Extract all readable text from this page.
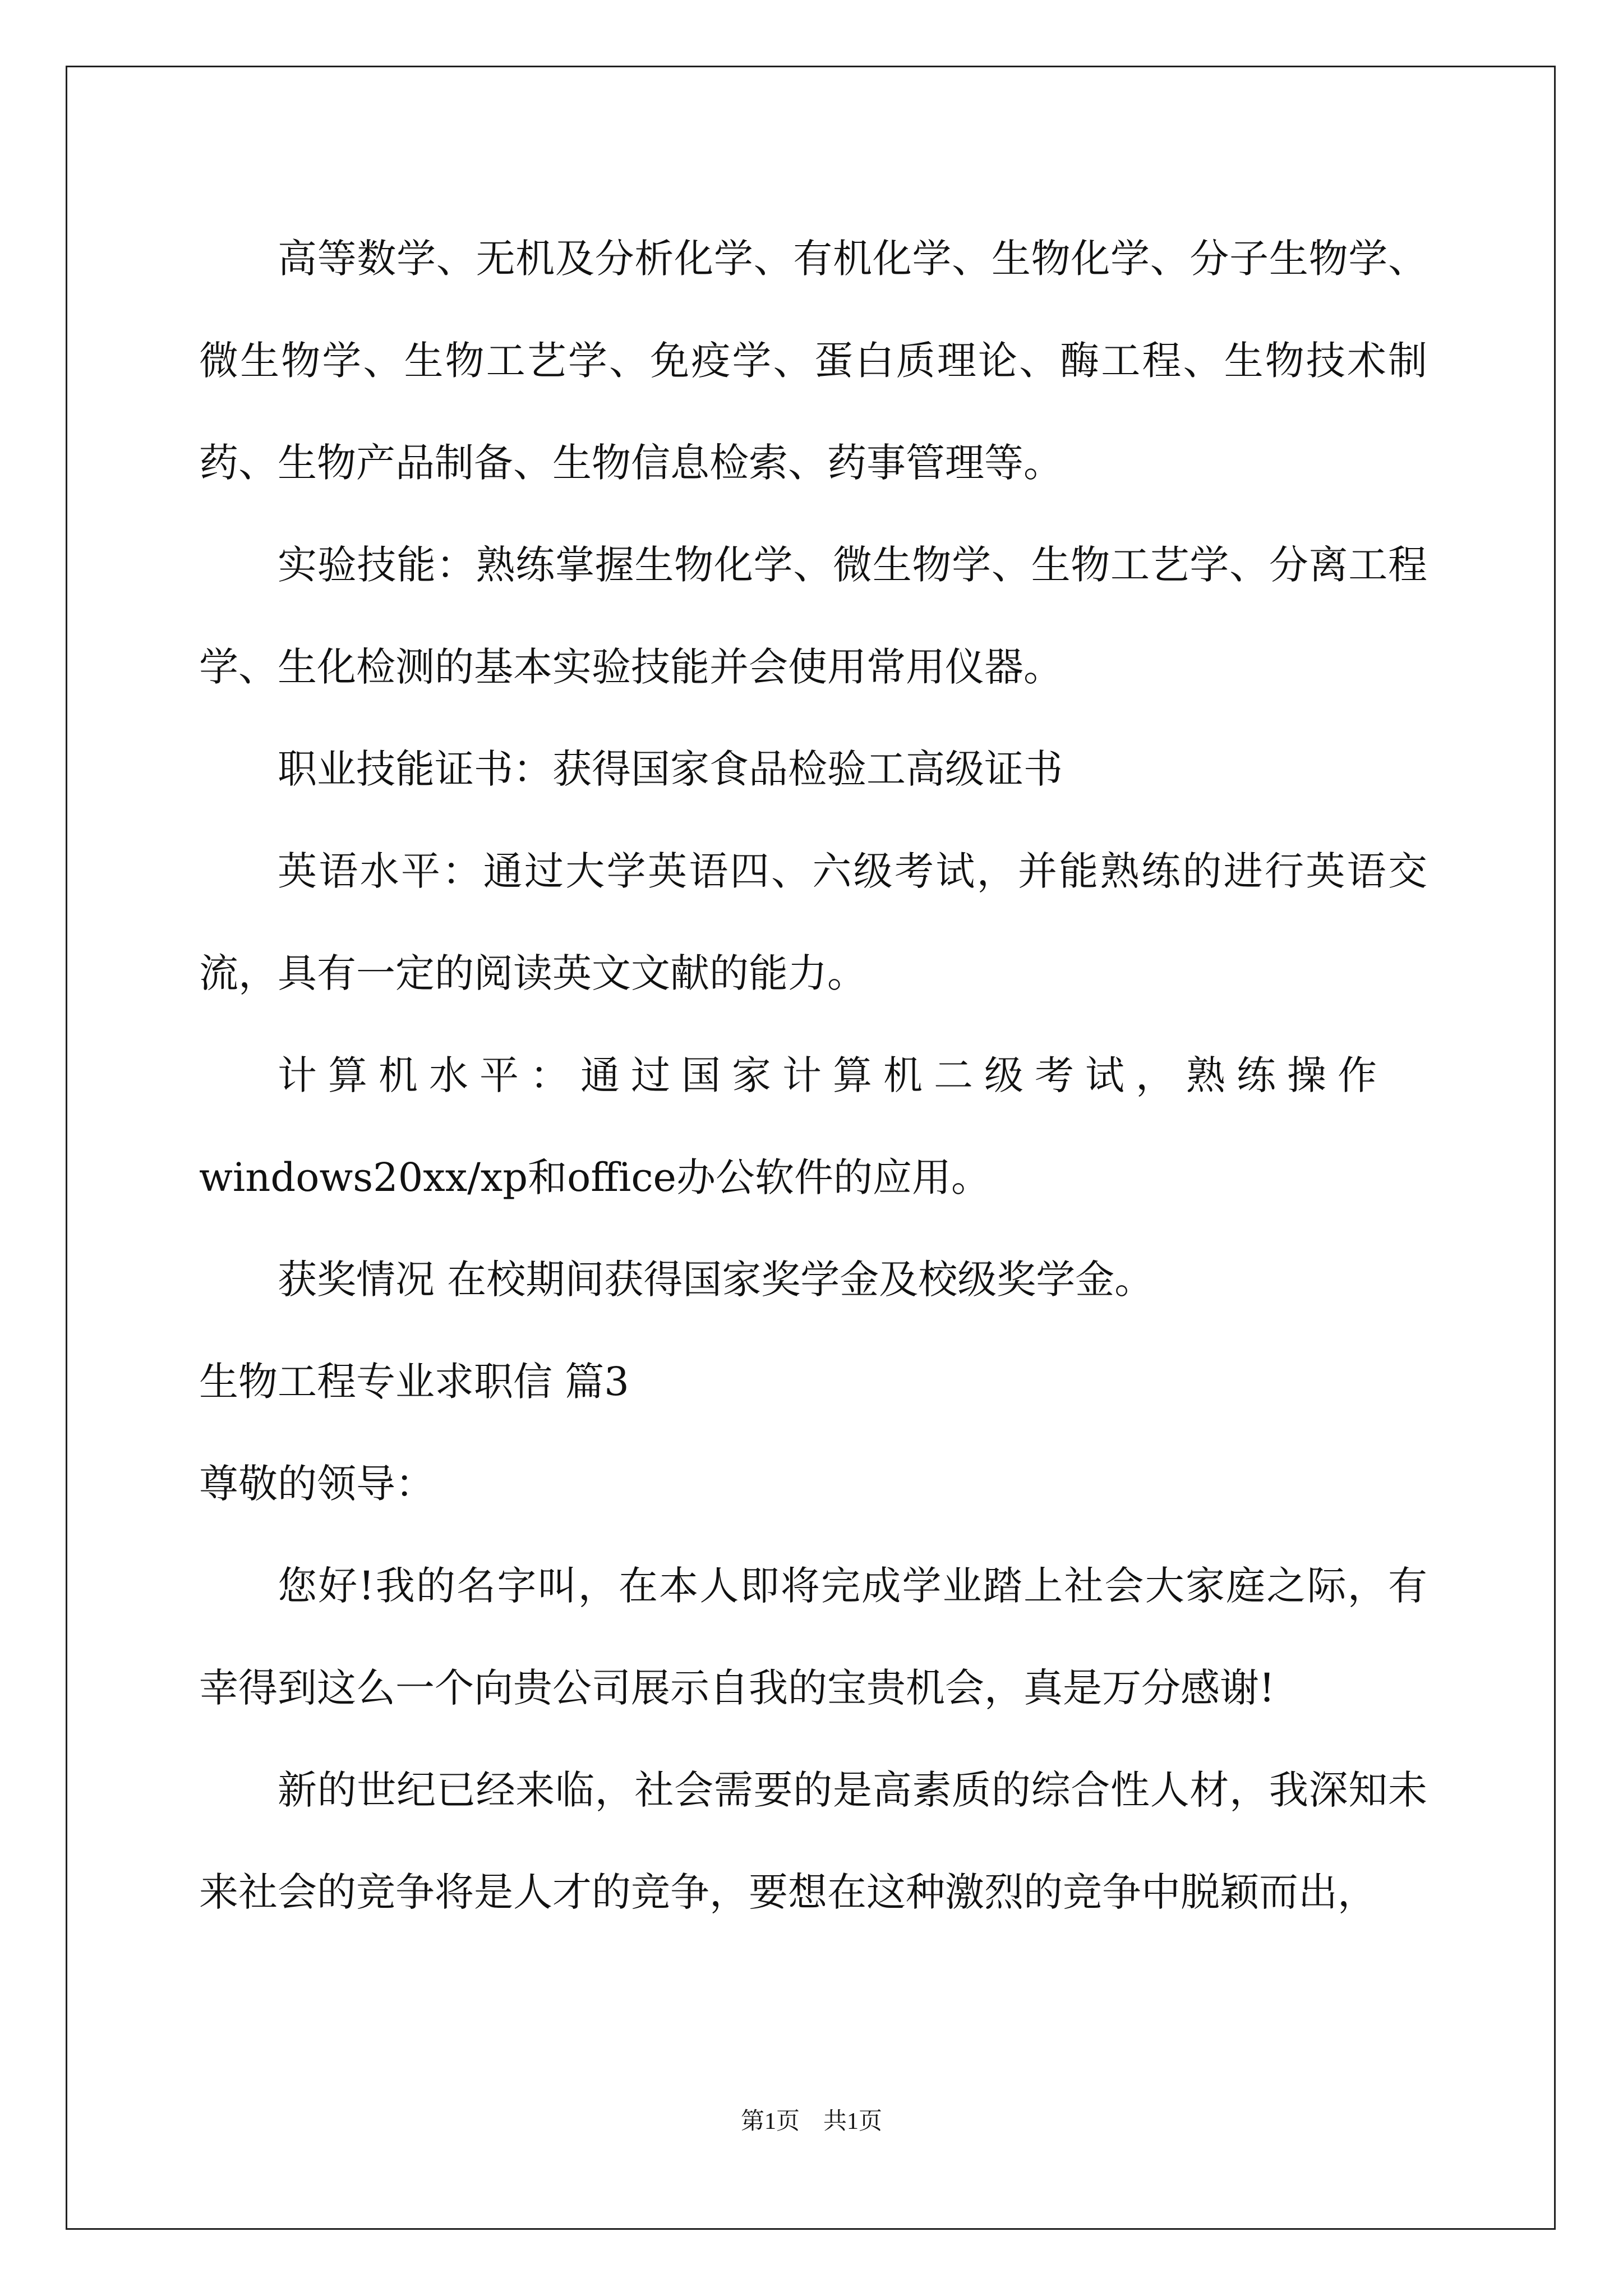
高等数学、无机及分析化学、有机化学、生物化学、分子生物学、微生物学、生物工艺学、免疫学、蛋白质理论、酶工程、生物技术制药、生物产品制备、生物信息检索、药事管理等。

实验技能：熟练掌握生物化学、微生物学、生物工艺学、分离工程学、生化检测的基本实验技能并会使用常用仪器。

职业技能证书：获得国家食品检验工高级证书

英语水平：通过大学英语四、六级考试，并能熟练的进行英语交流，具有一定的阅读英文文献的能力。

计算机水平：通过国家计算机二级考试，熟练操作

windows20xx/xp和office办公软件的应用。

获奖情况 在校期间获得国家奖学金及校级奖学金。

生物工程专业求职信 篇3

尊敬的领导：

您好!我的名字叫，在本人即将完成学业踏上社会大家庭之际，有幸得到这么一个向贵公司展示自我的宝贵机会，真是万分感谢!

新的世纪已经来临，社会需要的是高素质的综合性人材，我深知未来社会的竞争将是人才的竞争，要想在这种激烈的竞争中脱颖而出，

第1页　共1页
